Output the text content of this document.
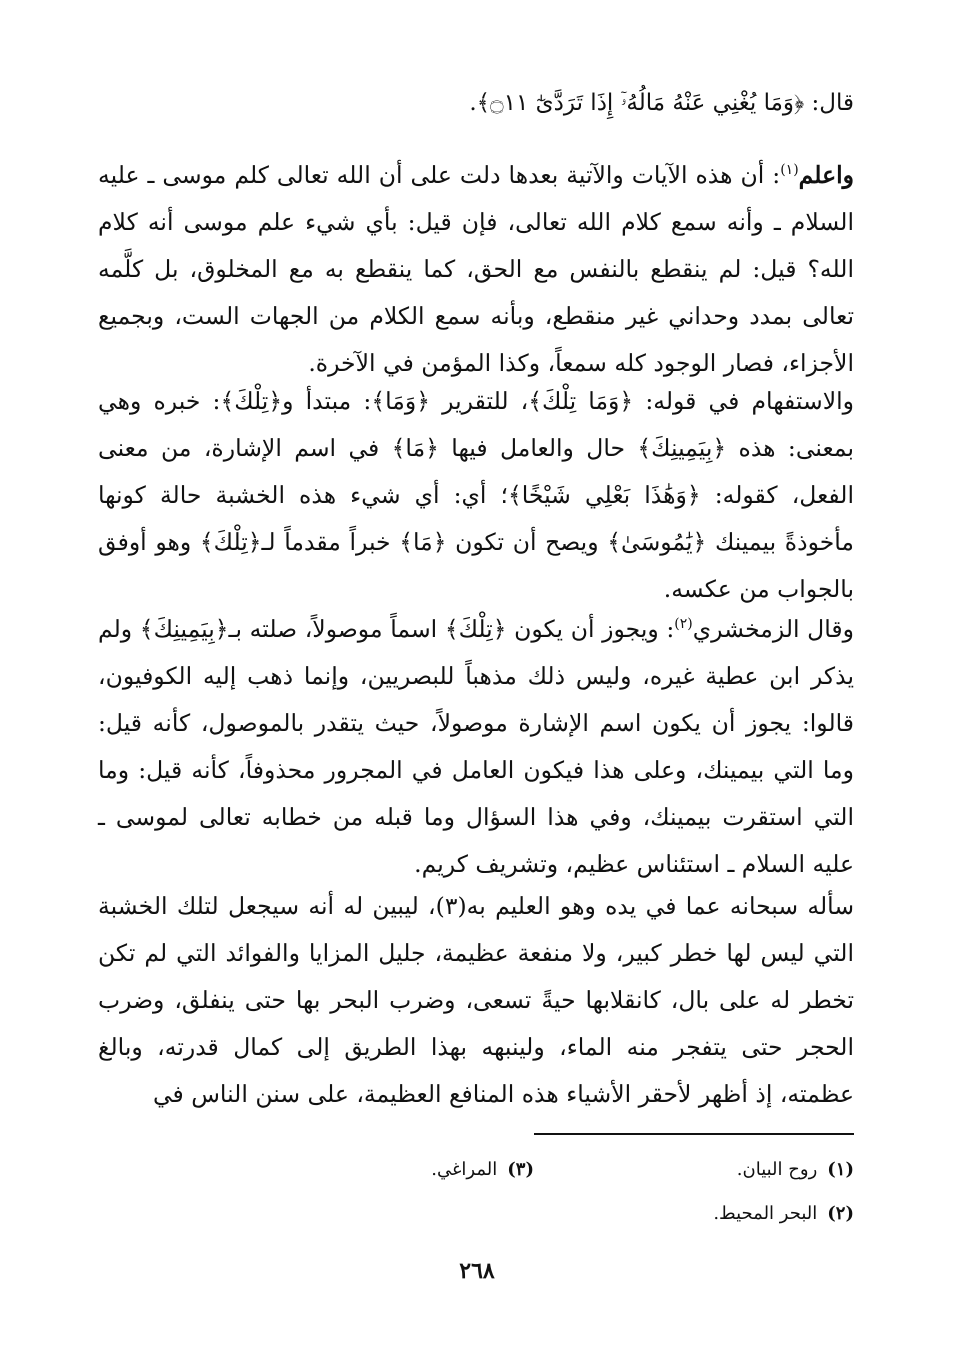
قال: ﴿وَمَا يُغْنِي عَنْهُ مَالُهُۥٓ إِذَا تَرَدَّىٰٓ ۝١١﴾.

واعلم$^{(١)}$: أن هذه الآيات والآتية بعدها دلت على أن الله تعالى كلم موسى ـ عليه السلام ـ وأنه سمع كلام الله تعالى، فإن قيل: بأي شيء علم موسى أنه كلام الله؟ قيل: لم ينقطع بالنفس مع الحق، كما ينقطع به مع المخلوق، بل كلَّمه تعالى بمدد وحداني غير منقطع، وبأنه سمع الكلام من الجهات الست، وبجميع الأجزاء، فصار الوجود كله سمعاً، وكذا المؤمن في الآخرة.

والاستفهام في قوله: ﴿وَمَا تِلْكَ﴾، للتقرير ﴿وَمَا﴾: مبتدأ و﴿تِلْكَ﴾: خبره وهي بمعنى: هذه ﴿بِيَمِينِكَ﴾ حال والعامل فيها ﴿مَا﴾ في اسم الإشارة، من معنى الفعل، كقوله: ﴿وَهَٰذَا بَعْلِي شَيْخًا﴾؛ أي: أي شيء هذه الخشبة حالة كونها مأخوذةً بيمينك ﴿يَٰمُوسَىٰ﴾ ويصح أن تكون ﴿مَا﴾ خبراً مقدماً لـ﴿تِلْكَ﴾ وهو أوفق بالجواب من عكسه.

وقال الزمخشري$^{(٢)}$: ويجوز أن يكون ﴿تِلْكَ﴾ اسماً موصولاً، صلته بـ﴿بِيَمِينِكَ﴾ ولم يذكر ابن عطية غيره، وليس ذلك مذهباً للبصريين، وإنما ذهب إليه الكوفيون، قالوا: يجوز أن يكون اسم الإشارة موصولاً، حيث يتقدر بالموصول، كأنه قيل: وما التي بيمينك، وعلى هذا فيكون العامل في المجرور محذوفاً، كأنه قيل: وما التي استقرت بيمينك، وفي هذا السؤال وما قبله من خطابه تعالى لموسى ـ عليه السلام ـ استئناس عظيم، وتشريف كريم.

سأله سبحانه عما في يده وهو العليم به(٣)، ليبين له أنه سيجعل لتلك الخشبة التي ليس لها خطر كبير، ولا منفعة عظيمة، جليل المزايا والفوائد التي لم تكن تخطر له على بال، كانقلابها حيةً تسعى، وضرب البحر بها حتى ينفلق، وضرب الحجر حتى يتفجر منه الماء، ولينبهه بهذا الطريق إلى كمال قدرته، وبالغ عظمته، إذ أظهر لأحقر الأشياء هذه المنافع العظيمة، على سنن الناس في

(١)روح البيان.
(٣)المراغي.
(٢)البحر المحيط.
٢٦٨
